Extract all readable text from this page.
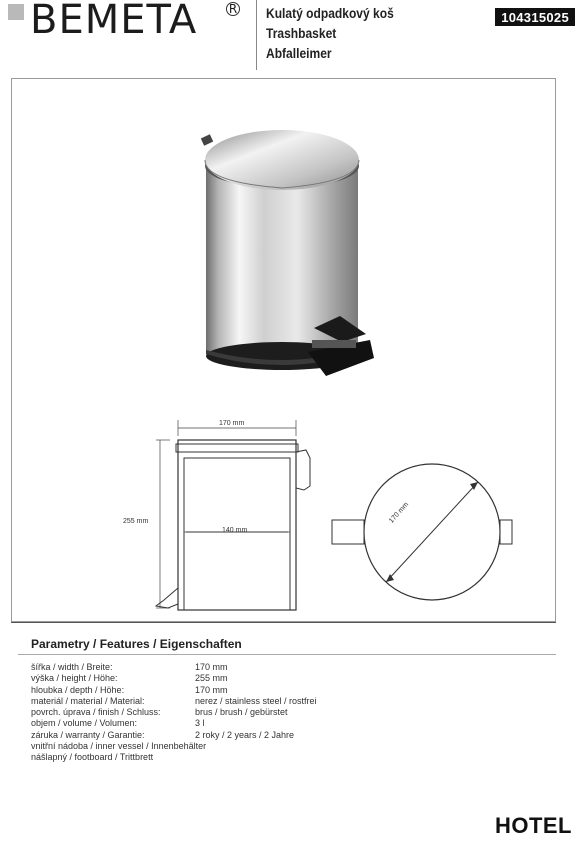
BEMETA	R Kulatý odpadkový koš
Trashbasket
Abfalleimer
104315025
170 mm
255 mm
140 mm
170 mm
Parametry / Features / Eigenschaften
šířka / width / Breite:	170 mm
výška / height / Höhe:	255 mm
hloubka / depth / Höhe:	170 mm
materiál / material / Material:	nerez / stainless steel / rostfrei
povrch. úprava / finish / Schluss:	brus / brush / gebürstet
objem / volume / Volumen:	3 l
záruka / warranty / Garantie:	2 roky / 2 years / 2 Jahre
vnitřní nádoba / inner vessel / Innenbehälter
nášlapný / footboard / Trittbrett
HOTEL
